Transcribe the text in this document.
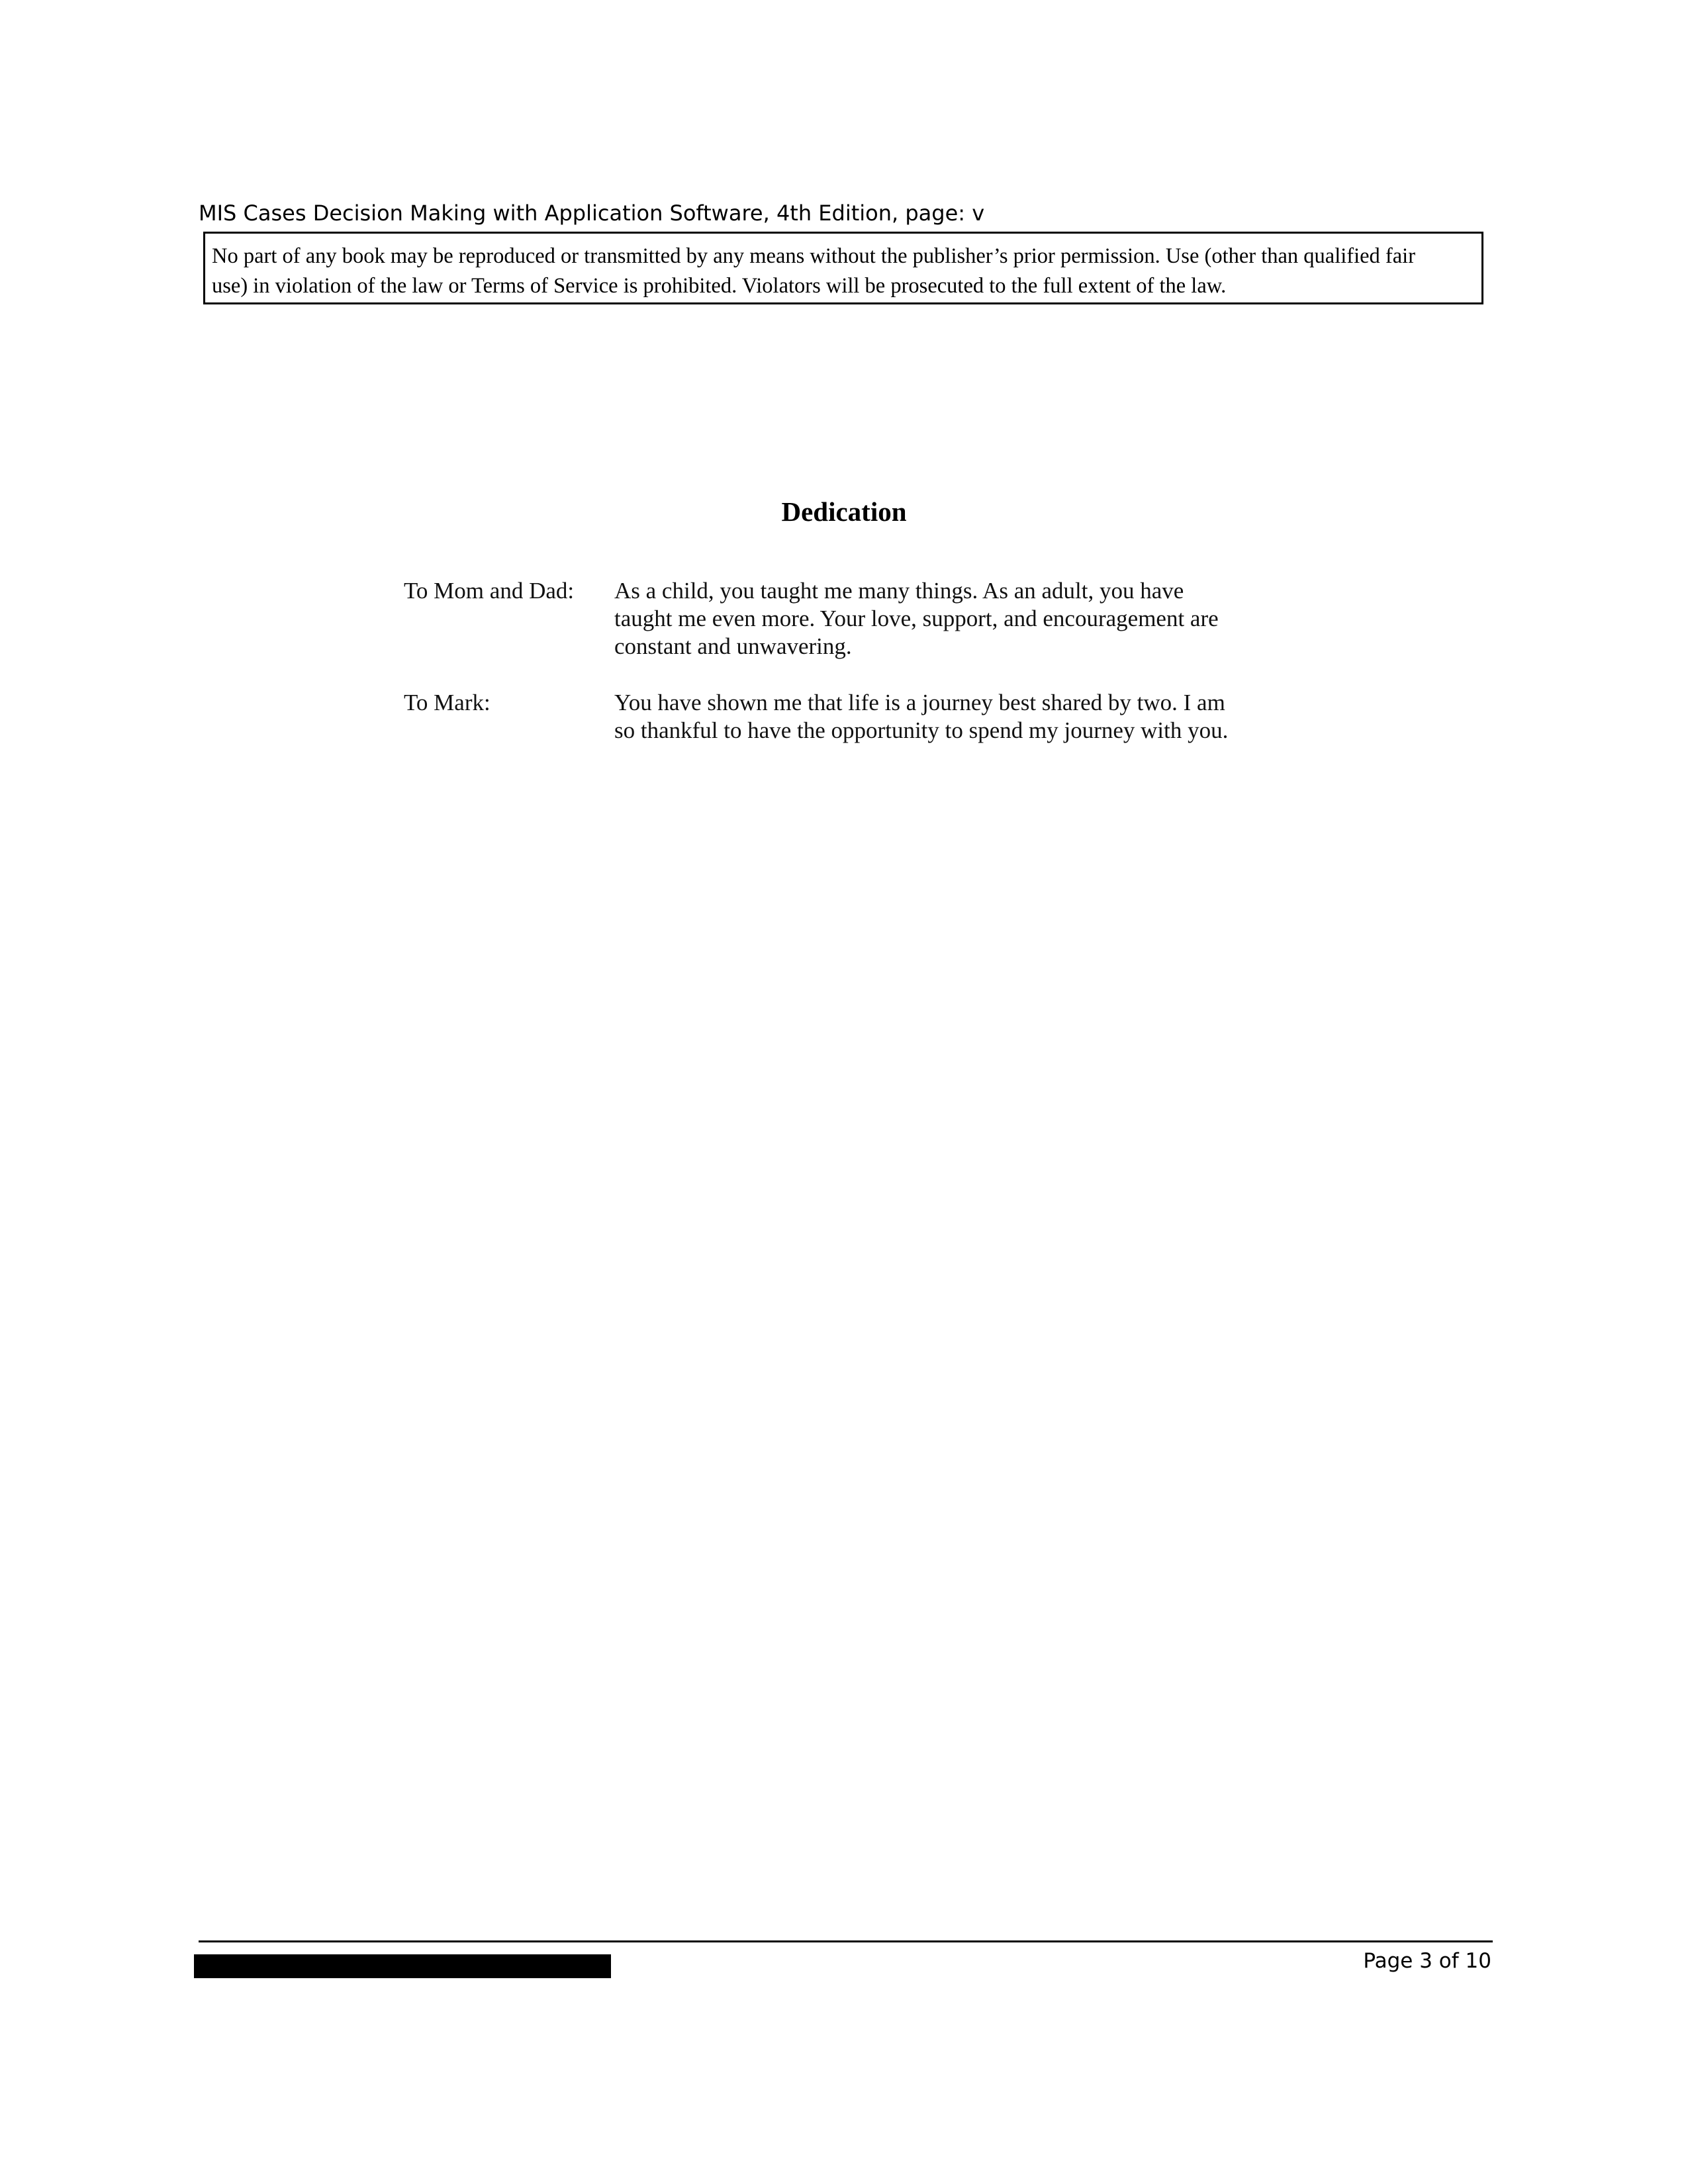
MIS Cases Decision Making with Application Software, 4th Edition, page: v
No part of any book may be reproduced or transmitted by any means without the publisher’s prior permission. Use (other than qualified fair
use) in violation of the law or Terms of Service is prohibited. Violators will be prosecuted to the full extent of the law.
Dedication
To Mom and Dad: As a child, you taught me many things. As an adult, you have
taught me even more. Your love, support, and encouragement are
constant and unwavering.
To Mark:	You have shown me that life is a journey best shared by two. I am
so thankful to have the opportunity to spend my journey with you.
Page 3 of 10
